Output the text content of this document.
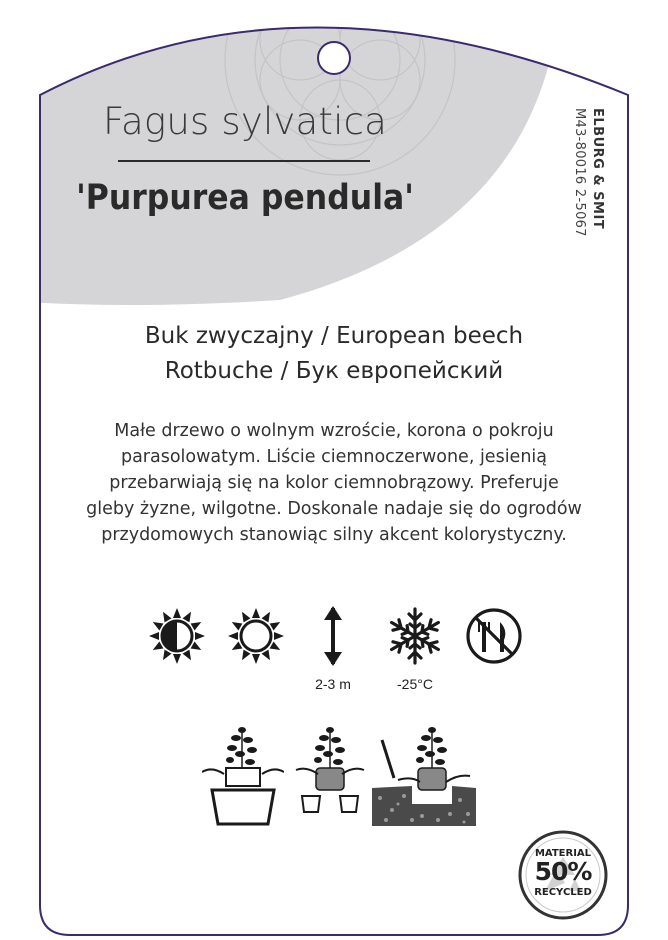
Fagus sylvatica
'Purpurea pendula'	ELBURG & SMIT
M43-80016 2-5067
Buk zwyczajny / European beech
Rotbuche / Бук европейский
Małe drzewo o wolnym wzroście, korona o pokroju
parasolowatym. Liście ciemnoczerwone, jesienią
przebarwiają się na kolor ciemnobrązowy. Preferuje
gleby żyzne, wilgotne. Doskonale nadaje się do ogrodów
przydomowych stanowiąc silny akcent kolorystyczny.
2-3 m	-25°C
MATERIAL
50%
RECYCLED
